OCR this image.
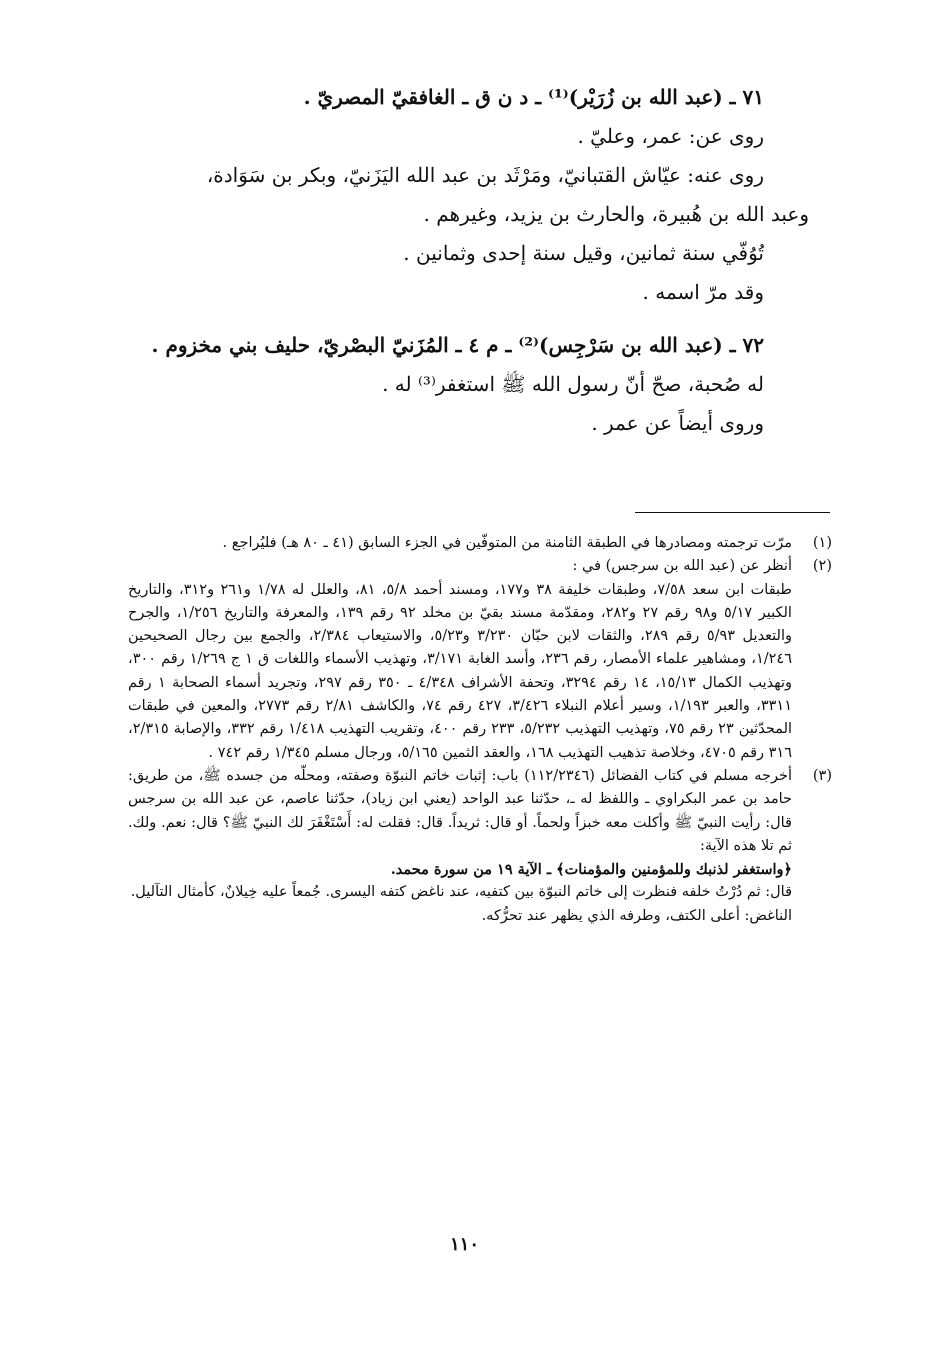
٧١ ـ (عبد الله بن زُرَيْر)⁽¹⁾ ـ د ن ق ـ الغافقيّ المصريّ .

روى عن: عمر، وعليّ .

روى عنه: عيّاش القتبانيّ، ومَرْثَد بن عبد الله اليَزَنيّ، وبكر بن سَوَادة،

وعبد الله بن هُبيرة، والحارث بن يزيد، وغيرهم .

تُوُفّي سنة ثمانين، وقيل سنة إحدى وثمانين .

وقد مرّ اسمه .

٧٢ ـ (عبد الله بن سَرْجِس)⁽²⁾ ـ م ٤ ـ المُزَنيّ البصْريّ، حليف بني مخزوم .

له صُحبة، صحّ أنّ رسول الله ﷺ استغفر⁽³⁾ له .

وروى أيضاً عن عمر .

(١)

مرّت ترجمته ومصادرها في الطبقة الثامنة من المتوفّين في الجزء السابق (٤١ ـ ٨٠ هـ) فليُراجع .

(٢)

أنظر عن (عبد الله بن سرجس) في :

طبقات ابن سعد ٧/٥٨، وطبقات خليفة ٣٨ و١٧٧، ومسند أحمد ٥/٨، ٨١، والعلل له ١/٧٨ و٢٦١ و٣١٢، والتاريخ الكبير ٥/١٧ و٩٨ رقم ٢٧ و٢٨٢، ومقدّمة مسند بقيّ بن مخلد ٩٢ رقم ١٣٩، والمعرفة والتاريخ ١/٢٥٦، والجرح والتعديل ٥/٩٣ رقم ٢٨٩، والثقات لابن حبّان ٣/٢٣٠ و٥/٢٣، والاستيعاب ٢/٣٨٤، والجمع بين رجال الصحيحين ١/٢٤٦، ومشاهير علماء الأمصار، رقم ٢٣٦، وأسد الغابة ٣/١٧١، وتهذيب الأسماء واللغات ق ١ ج ١/٢٦٩ رقم ٣٠٠، وتهذيب الكمال ١٥/١٣، ١٤ رقم ٣٢٩٤، وتحفة الأشراف ٤/٣٤٨ ـ ٣٥٠ رقم ٢٩٧، وتجريد أسماء الصحابة ١ رقم ٣٣١١، والعبر ١/١٩٣، وسير أعلام النبلاء ٣/٤٢٦، ٤٢٧ رقم ٧٤، والكاشف ٢/٨١ رقم ٢٧٧٣، والمعين في طبقات المحدّثين ٢٣ رقم ٧٥، وتهذيب التهذيب ٥/٢٣٢، ٢٣٣ رقم ٤٠٠، وتقريب التهذيب ١/٤١٨ رقم ٣٣٢، والإصابة ٢/٣١٥، ٣١٦ رقم ٤٧٠٥، وخلاصة تذهيب التهذيب ١٦٨، والعقد الثمين ٥/١٦٥، ورجال مسلم ١/٣٤٥ رقم ٧٤٢ .

(٣)

أخرجه مسلم في كتاب الفضائل (١١٢/٢٣٤٦) باب: إثبات خاتم النبوّة وصفته، ومحلّه من جسده ﷺ، من طريق: حامد بن عمر البكراوي ـ واللفظ له ـ، حدّثنا عبد الواحد (يعني ابن زياد)، حدّثنا عاصم، عن عبد الله بن سرجس قال: رأيت النبيّ ﷺ وأكلت معه خبزاً ولحماً. أو قال: ثريداً. قال: فقلت له: أَسْتَغْفَرَ لك النبيّ ﷺ؟ قال: نعم. ولك. ثم تلا هذه الآية:

﴿واستغفر لذنبك وللمؤمنين والمؤمنات﴾ ـ الآية ١٩ من سورة محمد.

قال: ثم دُرْتُ خلفه فنظرت إلى خاتم النبوّة بين كتفيه، عند ناغض كتفه اليسرى. جُمعاً عليه خِيلانٌ، كأمثال التآليل.

الناغض: أعلى الكتف، وطرفه الذي يظهر عند تحرُّكه.

١١٠
